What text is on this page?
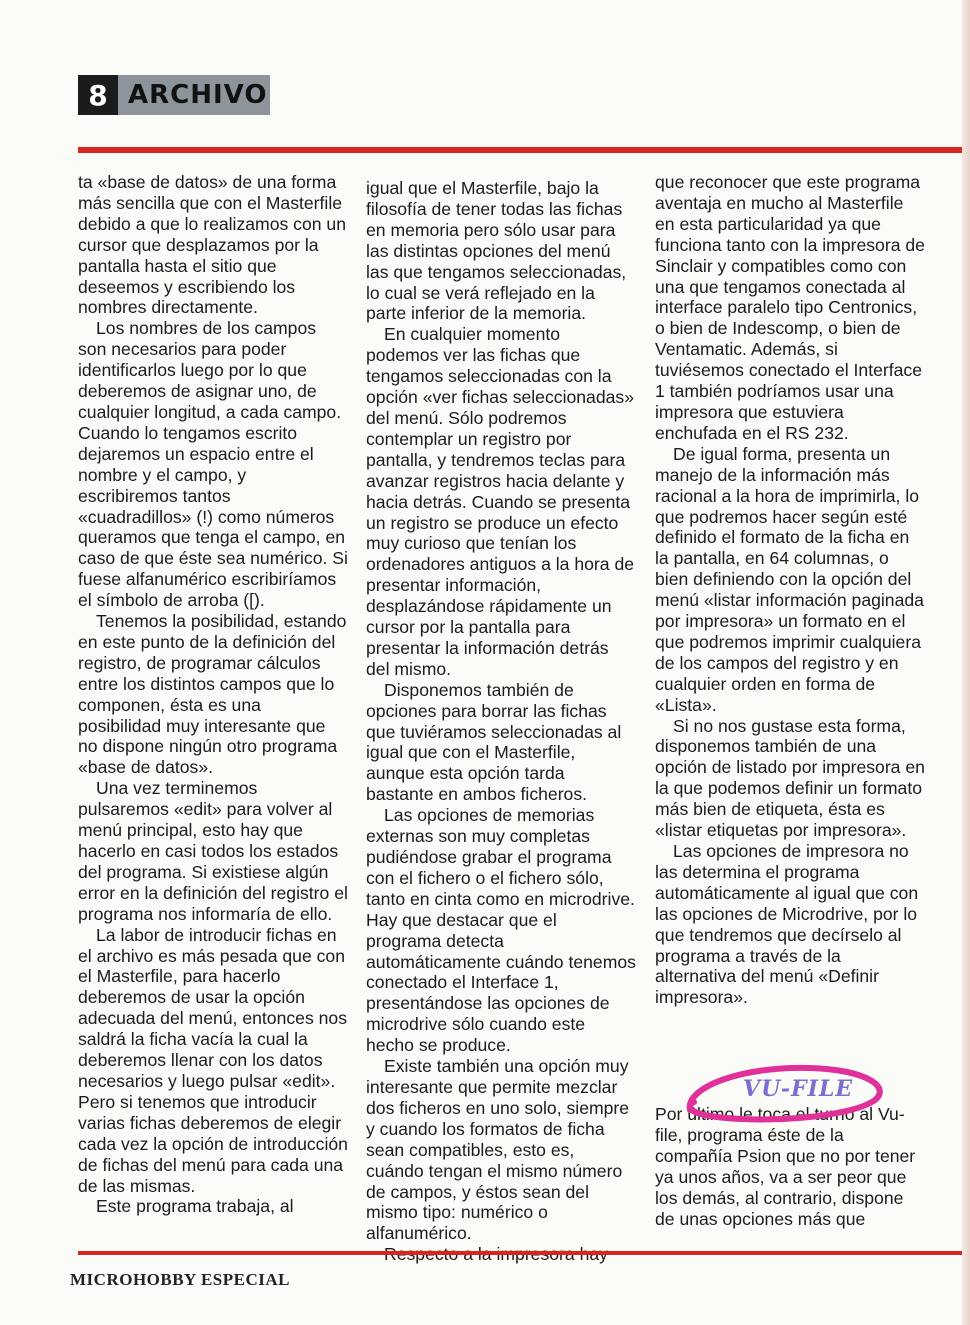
8 ARCHIVO

ta «base de datos» de una forma más sencilla que con el Masterfile debido a que lo realizamos con un cursor que desplazamos por la pantalla hasta el sitio que deseemos y escribiendo los nombres directamente.

Los nombres de los campos son necesarios para poder identificarlos luego por lo que deberemos de asignar uno, de cualquier longitud, a cada campo. Cuando lo tengamos escrito dejaremos un espacio entre el nombre y el campo, y escribiremos tantos «cuadradillos» (!) como números queramos que tenga el campo, en caso de que éste sea numérico. Si fuese alfanumérico escribiríamos el símbolo de arroba ([).

Tenemos la posibilidad, estando en este punto de la definición del registro, de programar cálculos entre los distintos campos que lo componen, ésta es una posibilidad muy interesante que no dispone ningún otro programa «base de datos».

Una vez terminemos pulsaremos «edit» para volver al menú principal, esto hay que hacerlo en casi todos los estados del programa. Si existiese algún error en la definición del registro el programa nos informaría de ello.

La labor de introducir fichas en el archivo es más pesada que con el Masterfile, para hacerlo deberemos de usar la opción adecuada del menú, entonces nos saldrá la ficha vacía la cual la deberemos llenar con los datos necesarios y luego pulsar «edit». Pero si tenemos que introducir varias fichas deberemos de elegir cada vez la opción de introducción de fichas del menú para cada una de las mismas.

Este programa trabaja, al

igual que el Masterfile, bajo la filosofía de tener todas las fichas en memoria pero sólo usar para las distintas opciones del menú las que tengamos seleccionadas, lo cual se verá reflejado en la parte inferior de la memoria.

En cualquier momento podemos ver las fichas que tengamos seleccionadas con la opción «ver fichas seleccionadas» del menú. Sólo podremos contemplar un registro por pantalla, y tendremos teclas para avanzar registros hacia delante y hacia detrás. Cuando se presenta un registro se produce un efecto muy curioso que tenían los ordenadores antiguos a la hora de presentar información, desplazándose rápidamente un cursor por la pantalla para presentar la información detrás del mismo.

Disponemos también de opciones para borrar las fichas que tuviéramos seleccionadas al igual que con el Masterfile, aunque esta opción tarda bastante en ambos ficheros.

Las opciones de memorias externas son muy completas pudiéndose grabar el programa con el fichero o el fichero sólo, tanto en cinta como en microdrive. Hay que destacar que el programa detecta automáticamente cuándo tenemos conectado el Interface 1, presentándose las opciones de microdrive sólo cuando este hecho se produce.

Existe también una opción muy interesante que permite mezclar dos ficheros en uno solo, siempre y cuando los formatos de ficha sean compatibles, esto es, cuándo tengan el mismo número de campos, y éstos sean del mismo tipo: numérico o alfanumérico.

que reconocer que este programa aventaja en mucho al Masterfile en esta particularidad ya que funciona tanto con la impresora de Sinclair y compatibles como con una que tengamos conectada al interface paralelo tipo Centronics, o bien de Indescomp, o bien de Ventamatic. Además, si tuviésemos conectado el Interface 1 también podríamos usar una impresora que estuviera enchufada en el RS 232.

De igual forma, presenta un manejo de la información más racional a la hora de imprimirla, lo que podremos hacer según esté definido el formato de la ficha en la pantalla, en 64 columnas, o bien definiendo con la opción del menú «listar información paginada por impresora» un formato en el que podremos imprimir cualquiera de los campos del registro y en cualquier orden en forma de «Lista».

Si no nos gustase esta forma, disponemos también de una opción de listado por impresora en la que podemos definir un formato más bien de etiqueta, ésta es «listar etiquetas por impresora».

Las opciones de impresora no las determina el programa automáticamente al igual que con las opciones de Microdrive, por lo que tendremos que decírselo al programa a través de la alternativa del menú «Definir impresora».

Por último le toca el turno al Vu-file, programa éste de la compañía Psion que no por tener ya unos años, va a ser peor que los demás, al contrario, dispone de unas opciones más que

VU-FILE
MICROHOBBY ESPECIAL
